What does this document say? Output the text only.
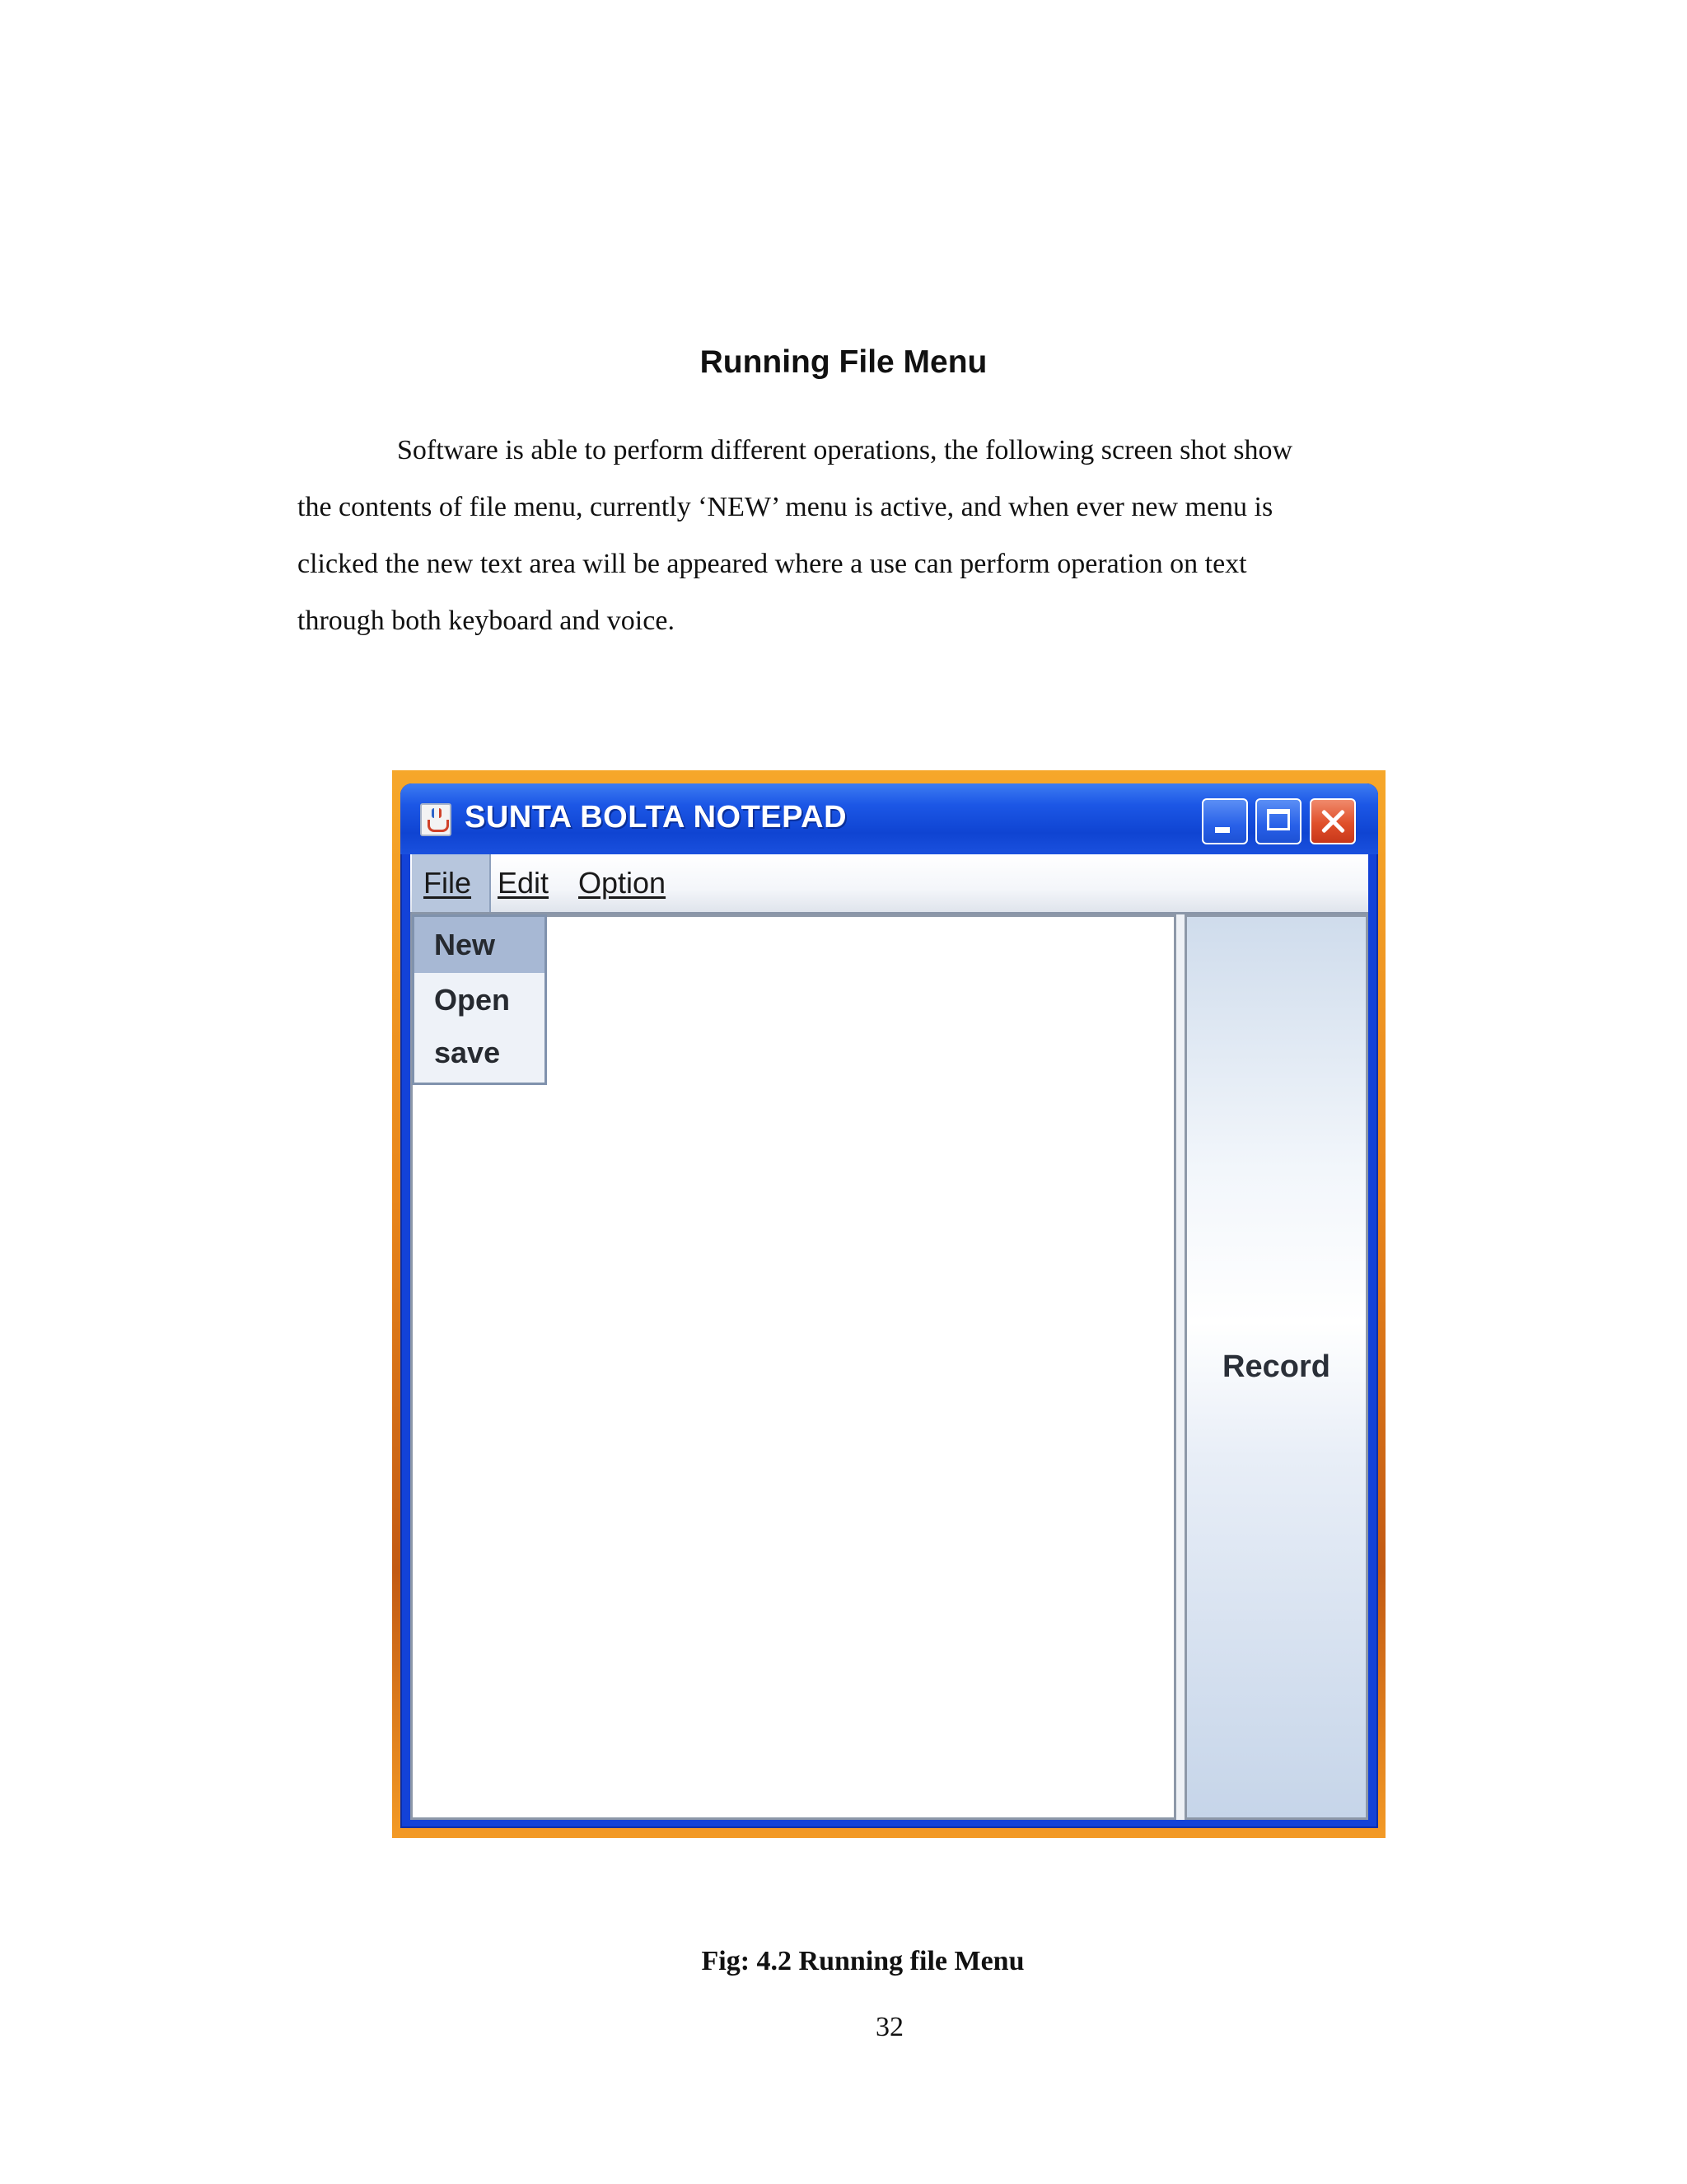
Running File Menu

Software is able to perform different operations, the following screen shot show
the contents of file menu, currently ‘NEW’ menu is active, and when ever new menu is
clicked the new text area will be appeared where a use can perform operation on text
through both keyboard and voice.

SUNTA BOLTA NOTEPAD
File Edit Option
Record
New
Open
save

Fig: 4.2 Running file Menu

32
